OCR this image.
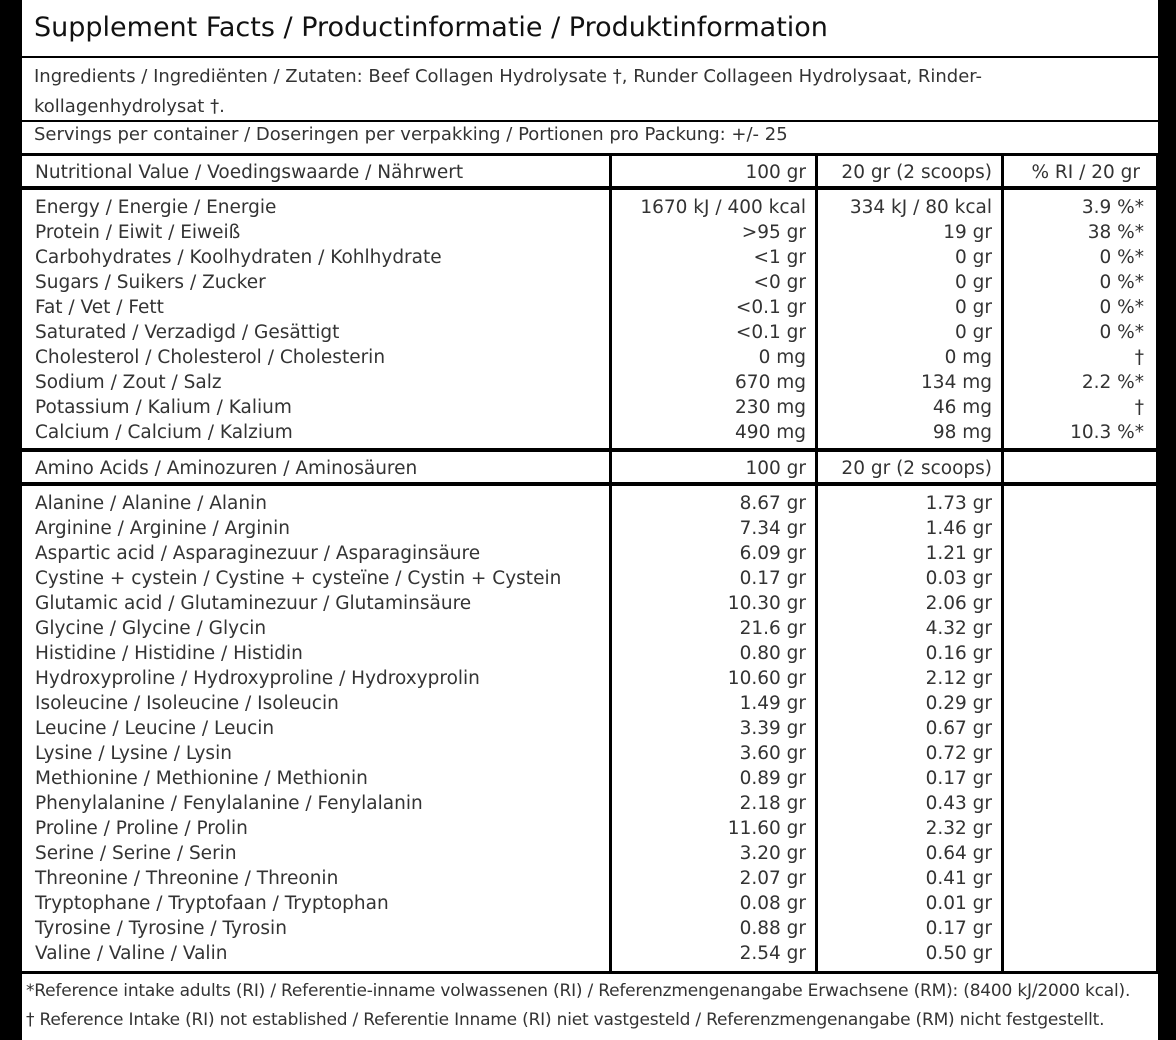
Supplement Facts / Productinformatie / Produktinformation
Ingredients / Ingrediënten / Zutaten: Beef Collagen Hydrolysate †, Runder Collageen Hydrolysaat, Rinder-kollagenhydrolysat †.
Servings per container / Doseringen per verpakking / Portionen pro Packung: +/- 25
Nutritional Value / Voedingswaarde / Nährwert	100 gr	20 gr (2 scoops)	% RI / 20 gr
Energy / Energie / Energie	1670 kJ / 400 kcal	334 kJ / 80 kcal	3.9 %*
Protein / Eiwit / Eiweiß	>95 gr	19 gr	38 %*
Carbohydrates / Koolhydraten / Kohlhydrate	<1 gr	0 gr	0 %*
Sugars / Suikers / Zucker	<0 gr	0 gr	0 %*
Fat / Vet / Fett	<0.1 gr	0 gr	0 %*
Saturated / Verzadigd / Gesättigt	<0.1 gr	0 gr	0 %*
Cholesterol / Cholesterol / Cholesterin	0 mg	0 mg	†
Sodium / Zout / Salz	670 mg	134 mg	2.2 %*
Potassium / Kalium / Kalium	230 mg	46 mg	†
Calcium / Calcium / Kalzium	490 mg	98 mg	10.3 %*
Amino Acids / Aminozuren / Aminosäuren	100 gr	20 gr (2 scoops)
Alanine / Alanine / Alanin	8.67 gr	1.73 gr
Arginine / Arginine / Arginin	7.34 gr	1.46 gr
Aspartic acid / Asparaginezuur / Asparaginsäure	6.09 gr	1.21 gr
Cystine + cystein / Cystine + cysteïne / Cystin + Cystein	0.17 gr	0.03 gr
Glutamic acid / Glutaminezuur / Glutaminsäure	10.30 gr	2.06 gr
Glycine / Glycine / Glycin	21.6 gr	4.32 gr
Histidine / Histidine / Histidin	0.80 gr	0.16 gr
Hydroxyproline / Hydroxyproline / Hydroxyprolin	10.60 gr	2.12 gr
Isoleucine / Isoleucine / Isoleucin	1.49 gr	0.29 gr
Leucine / Leucine / Leucin	3.39 gr	0.67 gr
Lysine / Lysine / Lysin	3.60 gr	0.72 gr
Methionine / Methionine / Methionin	0.89 gr	0.17 gr
Phenylalanine / Fenylalanine / Fenylalanin	2.18 gr	0.43 gr
Proline / Proline / Prolin	11.60 gr	2.32 gr
Serine / Serine / Serin	3.20 gr	0.64 gr
Threonine / Threonine / Threonin	2.07 gr	0.41 gr
Tryptophane / Tryptofaan / Tryptophan	0.08 gr	0.01 gr
Tyrosine / Tyrosine / Tyrosin	0.88 gr	0.17 gr
Valine / Valine / Valin	2.54 gr	0.50 gr
*Reference intake adults (RI) / Referentie-inname volwassenen (RI) / Referenzmengenangabe Erwachsene (RM): (8400 kJ/2000 kcal).
† Reference Intake (RI) not established / Referentie Inname (RI) niet vastgesteld / Referenzmengenangabe (RM) nicht festgestellt.
